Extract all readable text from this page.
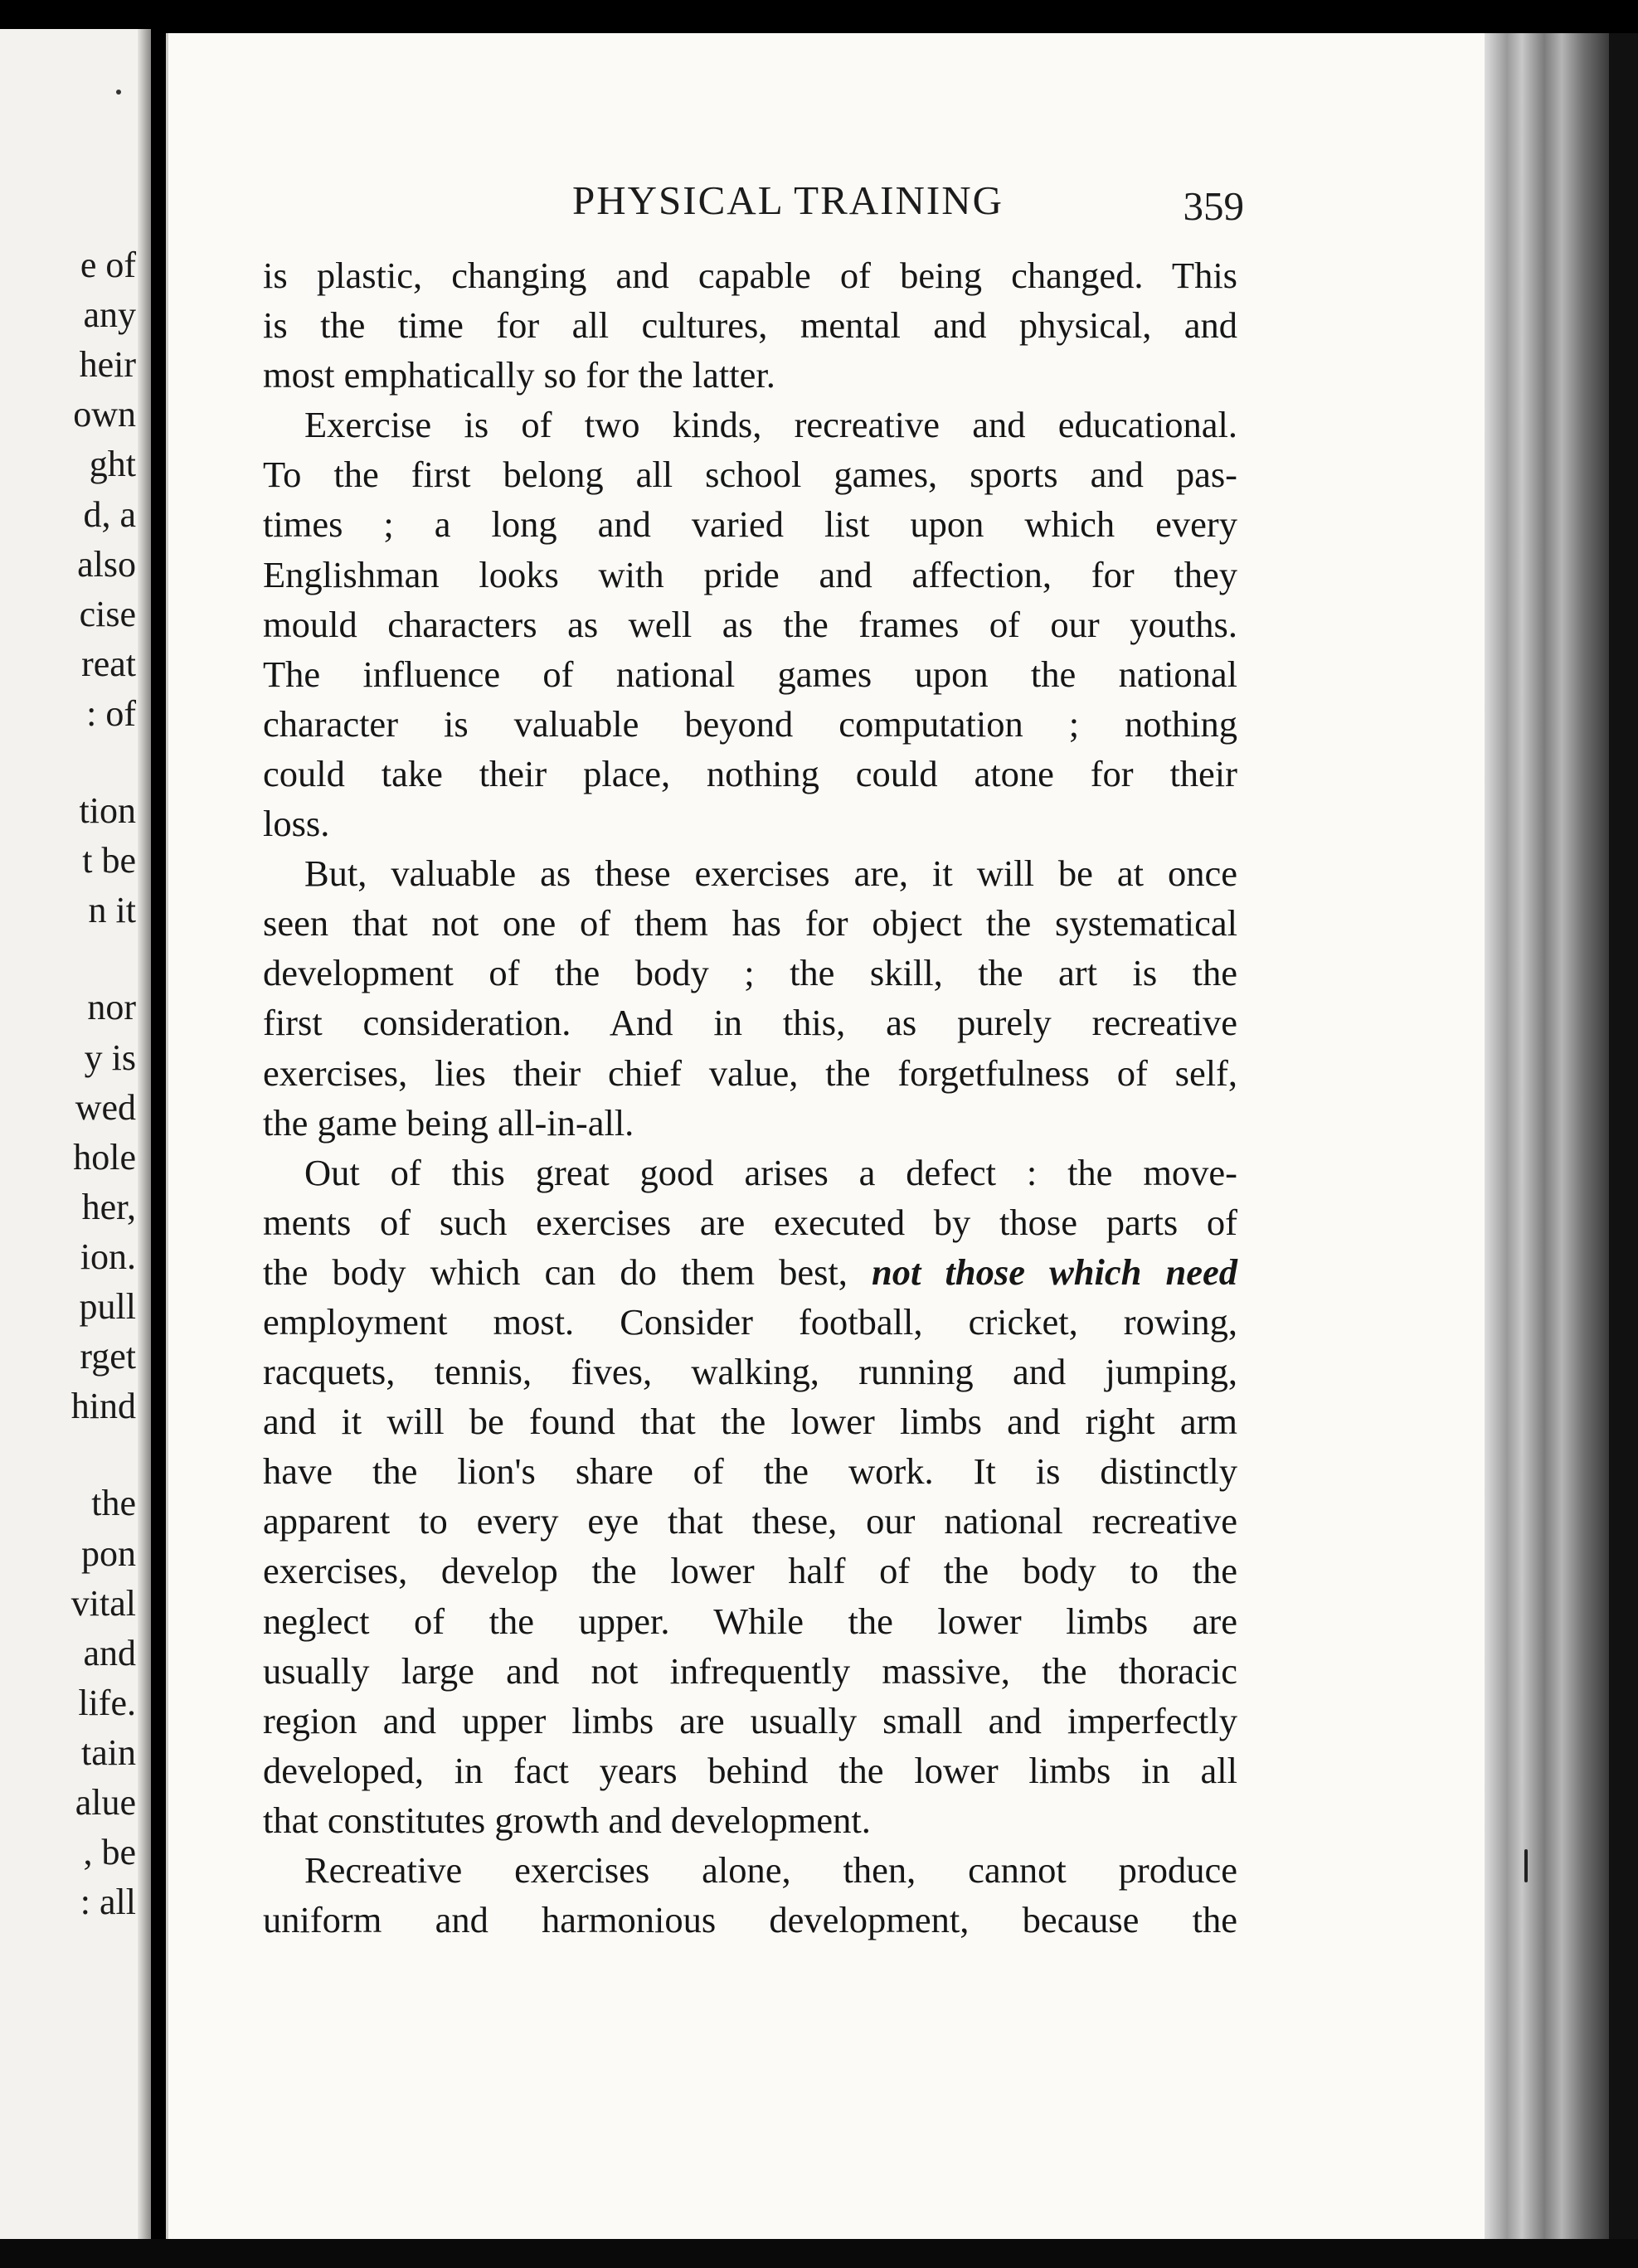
e of
any
heir
own
ght
d, a
also
cise
reat
: of
tion
t be
n it
nor
y is
wed
hole
her,
ion.
pull
rget
hind
the
pon
vital
and
life.
tain
alue
, be
: all
PHYSICAL TRAINING	359
is plastic, changing and capable of being changed. This
is the time for all cultures, mental and physical, and
most emphatically so for the latter.
Exercise is of two kinds, recreative and educational.
To the first belong all school games, sports and pas-
times ; a long and varied list upon which every
Englishman looks with pride and affection, for they
mould characters as well as the frames of our youths.
The influence of national games upon the national
character is valuable beyond computation ; nothing
could take their place, nothing could atone for their
loss.
But, valuable as these exercises are, it will be at once
seen that not one of them has for object the systematical
development of the body ; the skill, the art is the
first consideration. And in this, as purely recreative
exercises, lies their chief value, the forgetfulness of self,
the game being all-in-all.
Out of this great good arises a defect : the move-
ments of such exercises are executed by those parts of
the body which can do them best, not those which need
employment most. Consider football, cricket, rowing,
racquets, tennis, fives, walking, running and jumping,
and it will be found that the lower limbs and right arm
have the lion's share of the work. It is distinctly
apparent to every eye that these, our national recreative
exercises, develop the lower half of the body to the
neglect of the upper. While the lower limbs are
usually large and not infrequently massive, the thoracic
region and upper limbs are usually small and imperfectly
developed, in fact years behind the lower limbs in all
that constitutes growth and development.
Recreative exercises alone, then, cannot produce
uniform and harmonious development, because the
